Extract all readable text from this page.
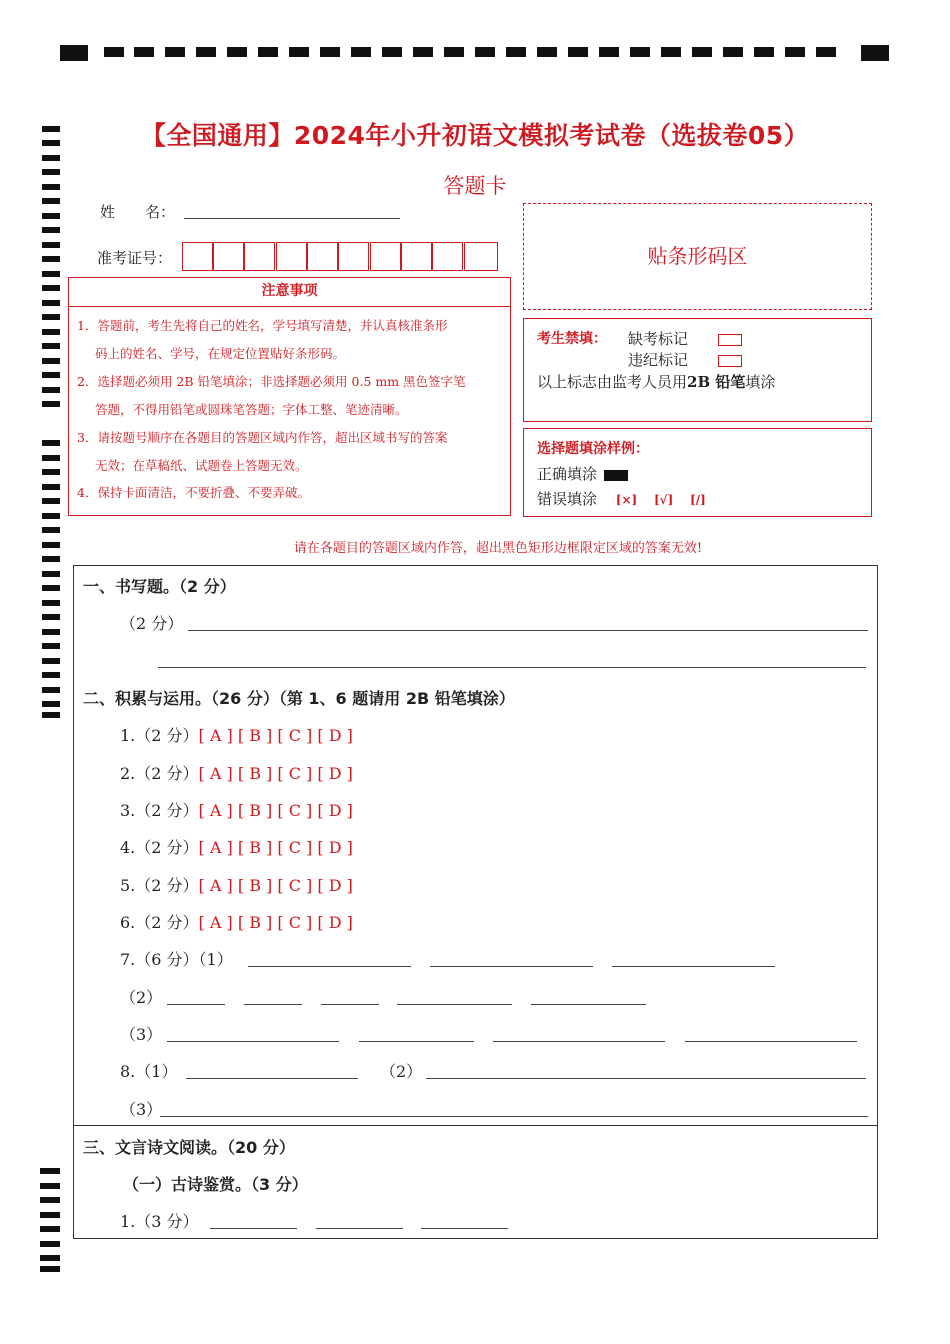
【全国通用】2024年小升初语文模拟考试卷（选拔卷05）
答题卡
姓　　名：
准考证号：
注意事项
1．答题前，考生先将自己的姓名，学号填写清楚，并认真核准条形
码上的姓名、学号，在规定位置贴好条形码。
2．选择题必须用 2B 铅笔填涂；非选择题必须用 0.5 mm 黑色签字笔
答题，不得用铅笔或圆珠笔答题；字体工整、笔迹清晰。
3．请按题号顺序在各题目的答题区域内作答，超出区域书写的答案
无效；在草稿纸、试题卷上答题无效。
4．保持卡面清洁，不要折叠、不要弄破。
贴条形码区
考生禁填： 缺考标记
违纪标记
以上标志由监考人员用2B 铅笔填涂
选择题填涂样例：
正确填涂
错误填涂 [×] [√] [/]
请在各题目的答题区域内作答，超出黑色矩形边框限定区域的答案无效!
一、书写题。（2 分）
（2 分）
二、积累与运用。（26 分）（第 1、6 题请用 2B 铅笔填涂）
1.（2 分）[ A ] [ B ] [ C ] [ D ]
2.（2 分）[ A ] [ B ] [ C ] [ D ]
3.（2 分）[ A ] [ B ] [ C ] [ D ]
4.（2 分）[ A ] [ B ] [ C ] [ D ]
5.（2 分）[ A ] [ B ] [ C ] [ D ]
6.（2 分）[ A ] [ B ] [ C ] [ D ]
7.（6 分）（1）
（2）
（3）
8.（1）	（2）
（3）
三、文言诗文阅读。（20 分）
（一）古诗鉴赏。（3 分）
1.（3 分）
